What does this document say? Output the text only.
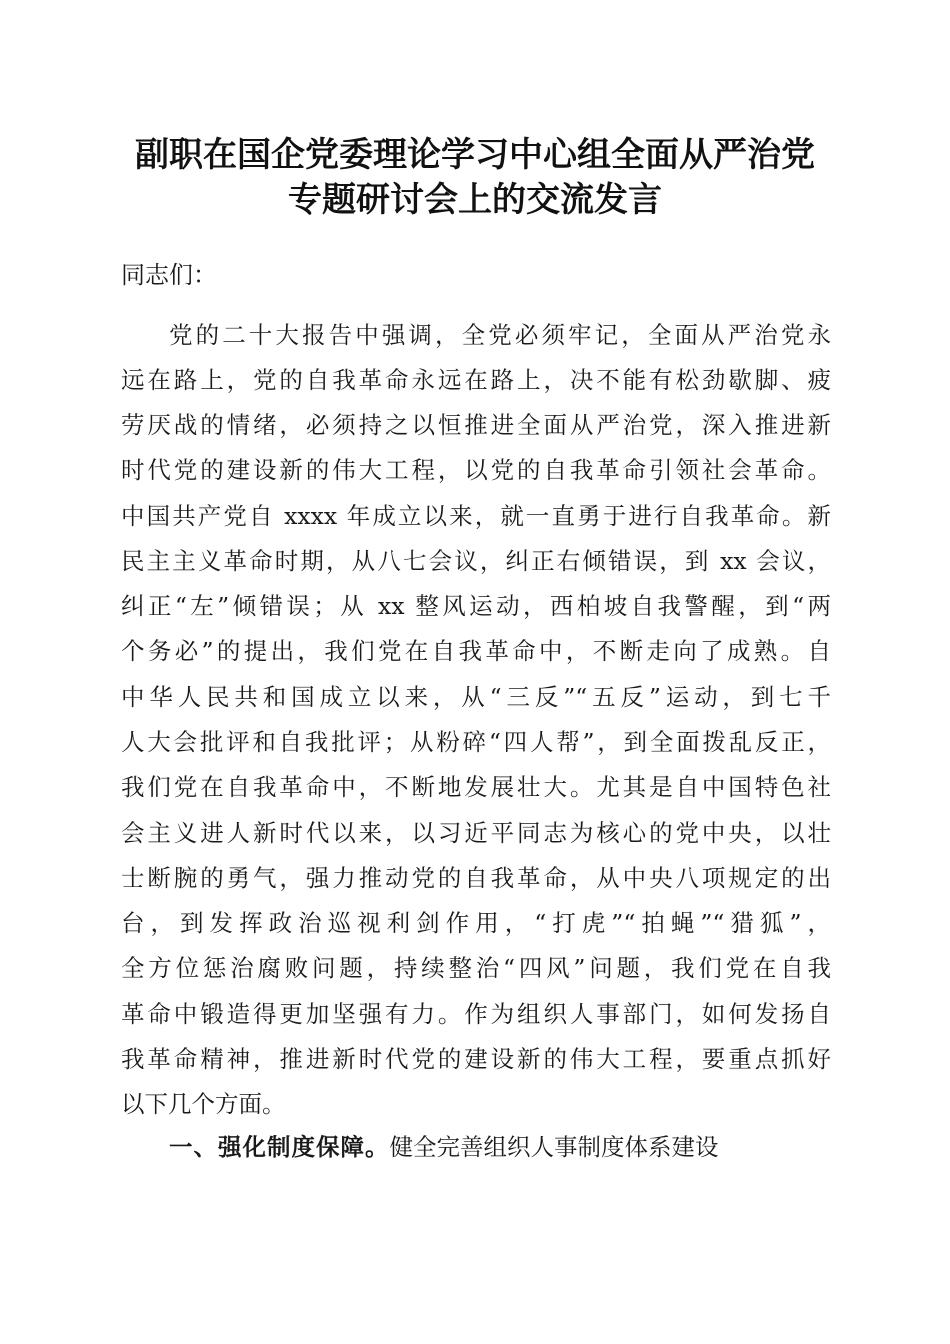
副职在国企党委理论学习中心组全面从严治党
专题研讨会上的交流发言
同志们：
党的二十大报告中强调，全党必须牢记，全面从严治党永
远在路上，党的自我革命永远在路上，决不能有松劲歇脚、疲
劳厌战的情绪，必须持之以恒推进全面从严治党，深入推进新
时代党的建设新的伟大工程，以党的自我革命引领社会革命。
中国共产党自 xxxx 年成立以来，就一直勇于进行自我革命。新
民主主义革命时期，从八七会议，纠正右倾错误，到 xx 会议，
纠正“左”倾错误；从 xx 整风运动，西柏坡自我警醒，到“两
个务必”的提出，我们党在自我革命中，不断走向了成熟。自
中华人民共和国成立以来，从“三反”“五反”运动，到七千
人大会批评和自我批评；从粉碎“四人帮”，到全面拨乱反正，
我们党在自我革命中，不断地发展壮大。尤其是自中国特色社
会主义进人新时代以来，以习近平同志为核心的党中央，以壮
士断腕的勇气，强力推动党的自我革命，从中央八项规定的出
台，到发挥政治巡视利剑作用，“打虎”“拍蝇”“猎狐”，
全方位惩治腐败问题，持续整治“四风”问题，我们党在自我
革命中锻造得更加坚强有力。作为组织人事部门，如何发扬自
我革命精神，推进新时代党的建设新的伟大工程，要重点抓好
以下几个方面。
一、强化制度保障。健全完善组织人事制度体系建设
